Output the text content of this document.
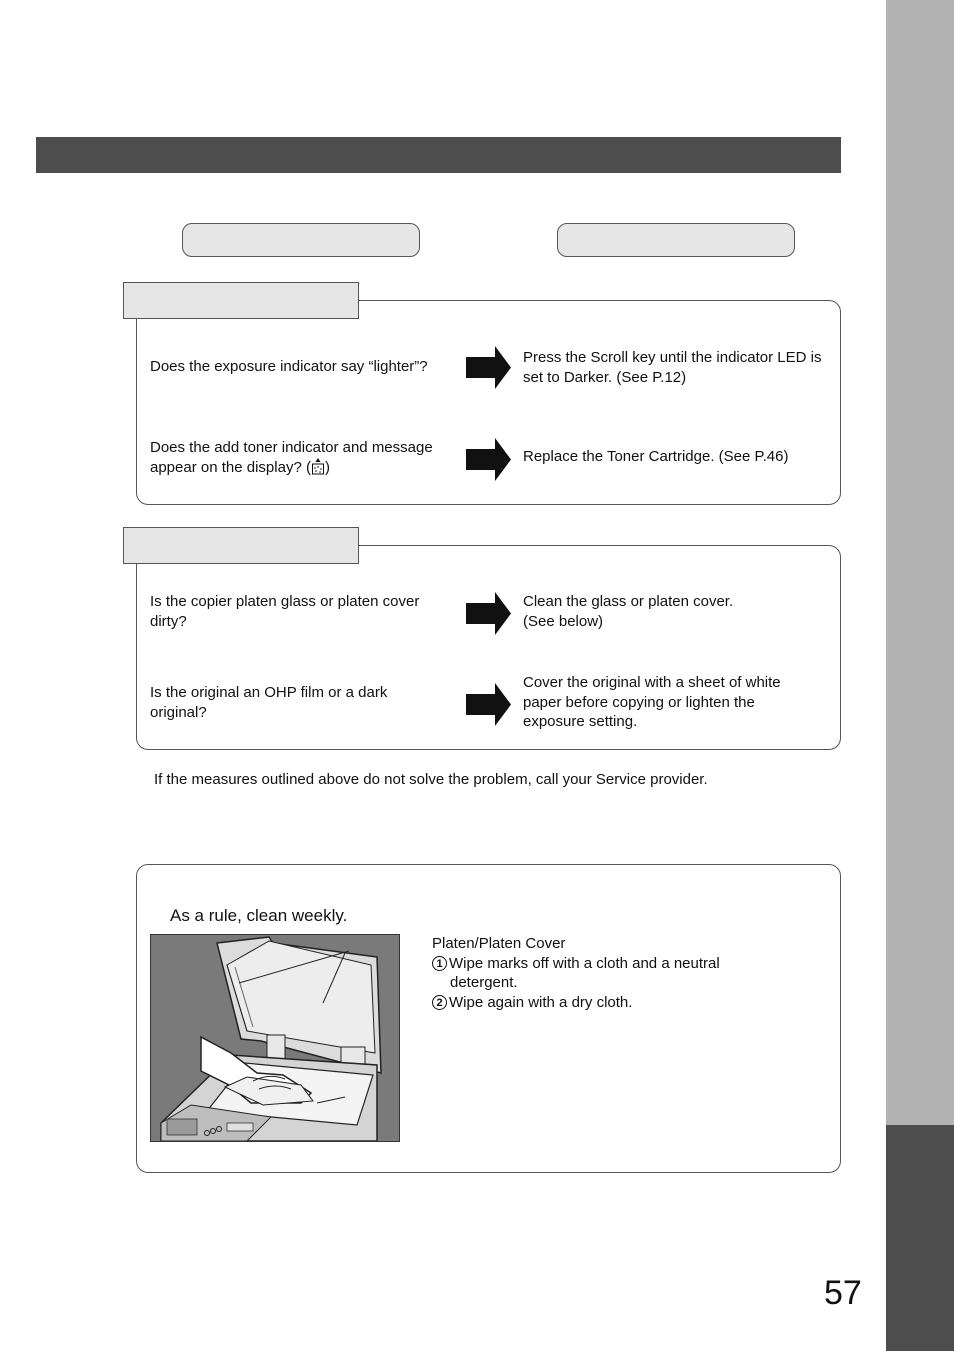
Does the exposure indicator say “lighter”?
Press the Scroll key until the indicator LED is set to Darker. (See P.12)
Does the add toner indicator and message appear on the display? ( )
Replace the Toner Cartridge. (See P.46)
Is the copier platen glass or platen cover dirty?
Clean the glass or platen cover.
(See below)
Is the original an OHP film or a dark original?
Cover the original with a sheet of white paper before copying or lighten the exposure setting.
If the measures outlined above do not solve the problem, call your Service provider.
As a rule, clean weekly.
Platen/Platen Cover
1 Wipe marks off with a cloth and a neutral
detergent.
2 Wipe again with a dry cloth.
57
